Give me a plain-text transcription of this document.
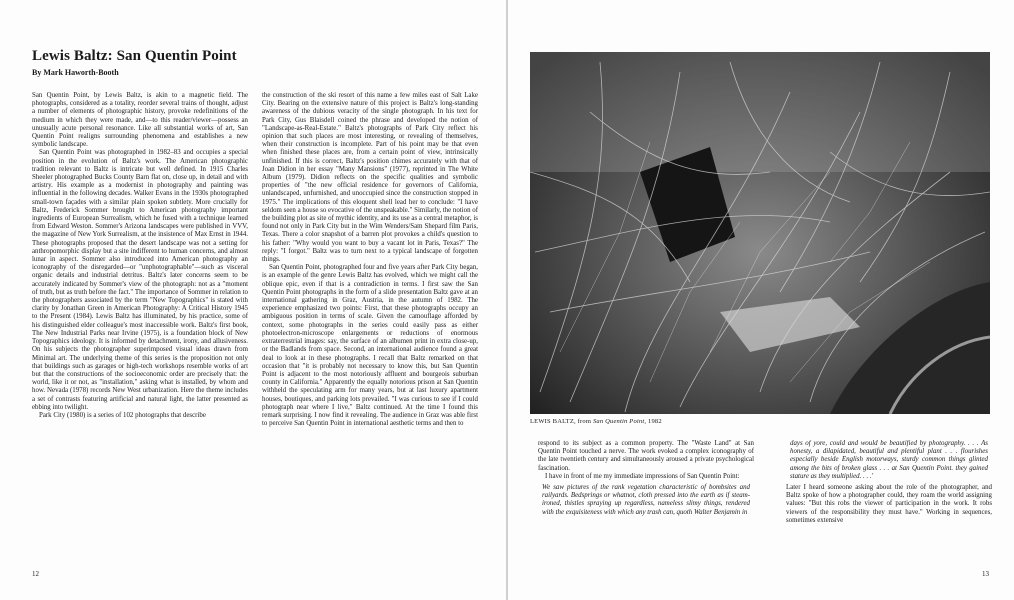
Lewis Baltz: San Quentin Point
By Mark Haworth-Booth

San Quentin Point, by Lewis Baltz, is akin to a magnetic field. The photographs, considered as a totality, reorder several trains of thought, adjust a number of elements of photographic history, provoke redefinitions of the medium in which they were made, and—to this reader/viewer—possess an unusually acute personal resonance. Like all substantial works of art, San Quentin Point realigns surrounding phenomena and establishes a new symbolic landscape.

San Quentin Point was photographed in 1982–83 and occupies a special position in the evolution of Baltz's work. The American photographic tradition relevant to Baltz is intricate but well defined. In 1915 Charles Sheeler photographed Bucks County Barn flat on, close up, in detail and with artistry. His example as a modernist in photography and painting was influential in the following decades. Walker Evans in the 1930s photographed small-town façades with a similar plain spoken subtlety. More crucially for Baltz, Frederick Sommer brought to American photography important ingredients of European Surrealism, which he fused with a technique learned from Edward Weston. Sommer's Arizona landscapes were published in VVV, the magazine of New York Surrealism, at the insistence of Max Ernst in 1944. These photographs proposed that the desert landscape was not a setting for anthropomorphic display but a site indifferent to human concerns, and almost lunar in aspect. Sommer also introduced into American photography an iconography of the disregarded—or "unphotographable"—such as visceral organic details and industrial detritus. Baltz's later concerns seem to be accurately indicated by Sommer's view of the photograph: not as a "moment of truth, but as truth before the fact." The importance of Sommer in relation to the photographers associated by the term "New Topographics" is stated with clarity by Jonathan Green in American Photography: A Critical History 1945 to the Present (1984). Lewis Baltz has illuminated, by his practice, some of his distinguished elder colleague's most inaccessible work. Baltz's first book, The New Industrial Parks near Irvine (1975), is a foundation block of New Topographics ideology. It is informed by detachment, irony, and allusiveness. On his subjects the photographer superimposed visual ideas drawn from Minimal art. The underlying theme of this series is the proposition not only that buildings such as garages or high-tech workshops resemble works of art but that the constructions of the socioeconomic order are precisely that: the world, like it or not, as "installation," asking what is installed, by whom and how. Nevada (1978) records New West urbanization. Here the theme includes a set of contrasts featuring artificial and natural light, the latter presented as ebbing into twilight.

Park City (1980) is a series of 102 photographs that describe

the construction of the ski resort of this name a few miles east of Salt Lake City. Bearing on the extensive nature of this project is Baltz's long-standing awareness of the dubious veracity of the single photograph. In his text for Park City, Gus Blaisdell coined the phrase and developed the notion of "Landscape-as-Real-Estate." Baltz's photographs of Park City reflect his opinion that such places are most interesting, or revealing of themselves, when their construction is incomplete. Part of his point may be that even when finished these places are, from a certain point of view, intrinsically unfinished. If this is correct, Baltz's position chimes accurately with that of Joan Didion in her essay "Many Mansions" (1977), reprinted in The White Album (1979). Didion reflects on the specific qualities and symbolic properties of "the new official residence for governors of California, unlandscaped, unfurnished, and unoccupied since the construction stopped in 1975." The implications of this eloquent shell lead her to conclude: "I have seldom seen a house so evocative of the unspeakable." Similarly, the notion of the building plot as site of mythic identity, and its use as a central metaphor, is found not only in Park City but in the Wim Wenders/Sam Shepard film Paris, Texas. There a color snapshot of a barren plot provokes a child's question to his father: "Why would you want to buy a vacant lot in Paris, Texas?" The reply: "I forgot." Baltz was to turn next to a typical landscape of forgotten things.

San Quentin Point, photographed four and five years after Park City began, is an example of the genre Lewis Baltz has evolved, which we might call the oblique epic, even if that is a contradiction in terms. I first saw the San Quentin Point photographs in the form of a slide presentation Baltz gave at an international gathering in Graz, Austria, in the autumn of 1982. The experience emphasized two points: First, that these photographs occupy an ambiguous position in terms of scale. Given the camouflage afforded by context, some photographs in the series could easily pass as either photoelectron-microscope enlargements or reductions of enormous extraterrestrial images: say, the surface of an albumen print in extra close-up, or the Badlands from space. Second, an international audience found a great deal to look at in these photographs. I recall that Baltz remarked on that occasion that "it is probably not necessary to know this, but San Quentin Point is adjacent to the most notoriously affluent and bourgeois suburban county in California." Apparently the equally notorious prison at San Quentin withheld the speculating arm for many years, but at last luxury apartment houses, boutiques, and parking lots prevailed. "I was curious to see if I could photograph near where I live," Baltz continued. At the time I found this remark surprising. I now find it revealing. The audience in Graz was able first to perceive San Quentin Point in international aesthetic terms and then to

12
LEWIS BALTZ, from San Quentin Point, 1982

respond to its subject as a common property. The "Waste Land" at San Quentin Point touched a nerve. The work evoked a complex iconography of the late twentieth century and simultaneously aroused a private psychological fascination.

I have in front of me my immediate impressions of San Quentin Point:

We saw pictures of the rank vegetation characteristic of bombsites and railyards. Bedsprings or whatnot, cloth pressed into the earth as if steam-ironed, thistles spraying up regardless, nameless slimy things, rendered with the exquisiteness with which any trash can, quoth Walter Benjamin in

days of yore, could and would be beautified by photography. . . . As honesty, a dilapidated, beautiful and plentiful plant . . . flourishes especially beside English motorways, sturdy common things glinted among the bits of broken glass . . . at San Quentin Point. they gained stature as they multiplied. . . .'

Later I heard someone asking about the role of the photographer, and Baltz spoke of how a photographer could, they roam the world assigning values: "But this robs the viewer of participation in the work. It robs viewers of the responsibility they must have." Working in sequences, sometimes extensive

13
